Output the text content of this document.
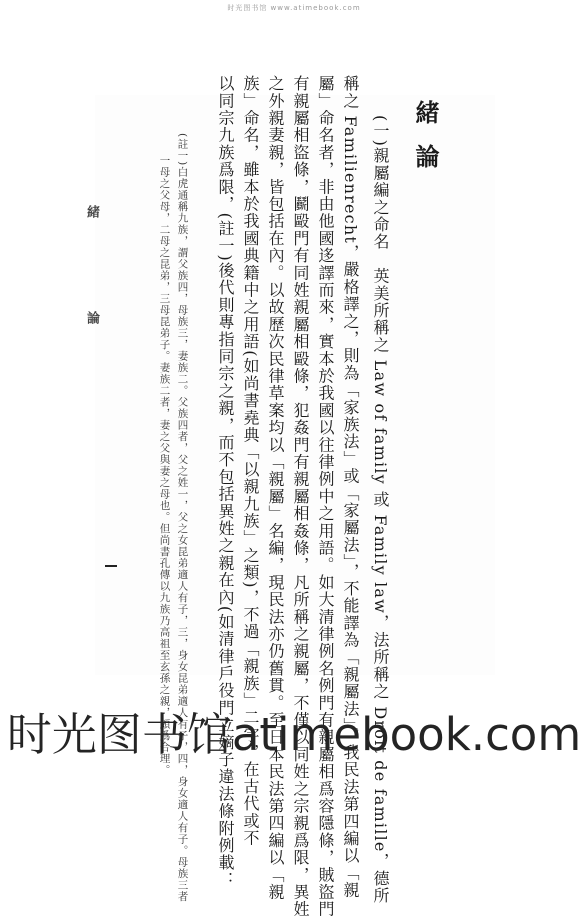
时光图书馆 www.atimebook.com
緒論
(一)親屬編之命名　英美所稱之 Law of family 或 Family law，法所稱之 Droit de famille，德所
稱之 Familienrecht，嚴格譯之，則為「家族法」或「家屬法」，不能譯為「親屬法」。我民法第四編以「親
屬」命名者，非由他國迻譯而來，實本於我國以往律例中之用語。如大清律例名例門有親屬相爲容隱條，賊盜門
有親屬相盜條，鬬毆門有同姓親屬相毆條，犯姦門有親屬相姦條，凡所稱之親屬，不僅以同姓之宗親爲限，異姓
之外親妻親，皆包括在內。以故歷次民律草案均以「親屬」名編，現民法亦仍舊貫。至日本民法第四編以「親
族」命名，雖本於我國典籍中之用語(如尚書堯典「以親九族」之類)，不過「親族」二字，在古代或不
以同宗九族爲限，(註一)後代則專指同宗之親，而不包括異姓之親在內(如清律戶役門立嫡子違法條附例載：
(註一)白虎通稱九族，謂父族四，母族三，妻族二。父族四者，父之姓一，父之女昆弟適人有子，三，身女昆弟適人有子，四，身女適人有子。母族三者
一母之父母，二母之昆弟，三母昆弟子。妻族二者，妻之父與妻之母也。但尚書孔傳以九族乃高祖至玄孫之親，頗爲合理。
緒　論
时光图书馆atimebook.com
